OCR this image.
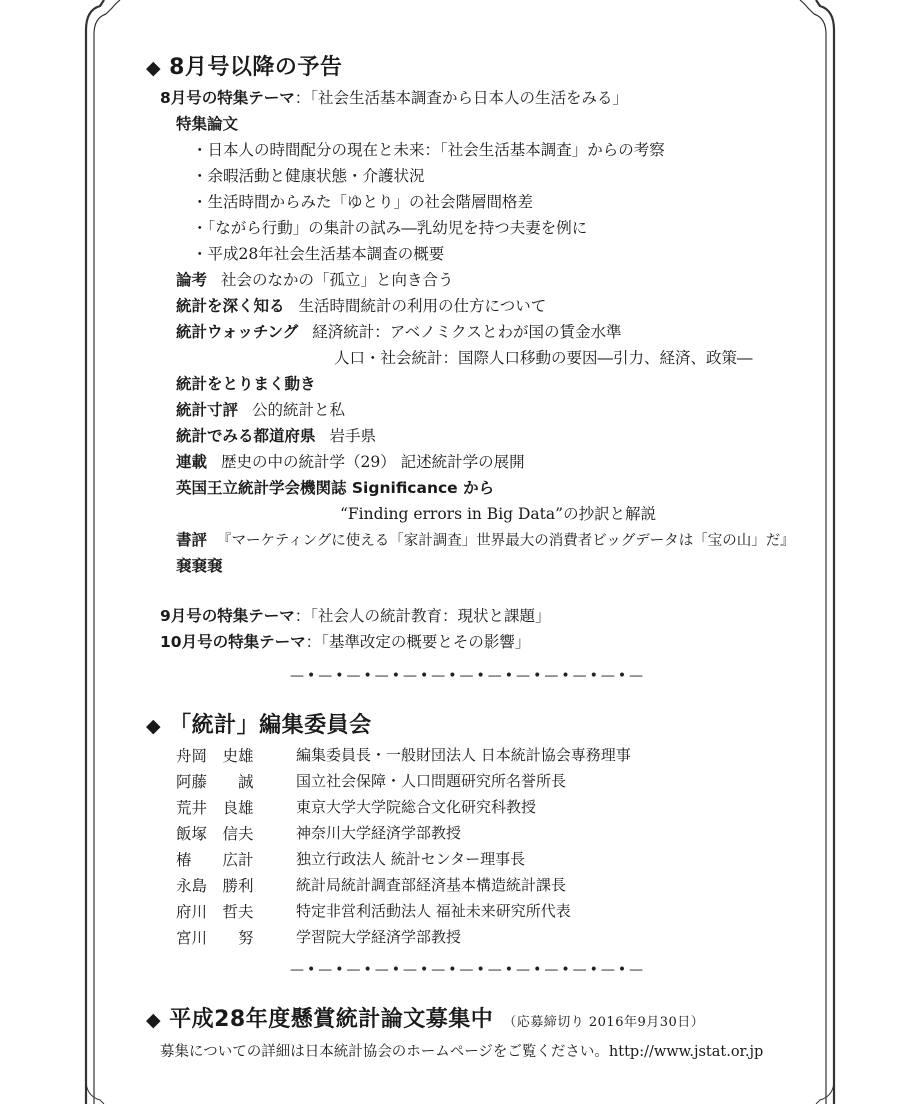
◆ 8月号以降の予告
8月号の特集テーマ：「社会生活基本調査から日本人の生活をみる」
特集論文
・日本人の時間配分の現在と未来：「社会生活基本調査」からの考察
・余暇活動と健康状態・介護状況
・生活時間からみた「ゆとり」の社会階層間格差
・「ながら行動」の集計の試み―乳幼児を持つ夫妻を例に
・平成28年社会生活基本調査の概要
論考 社会のなかの「孤立」と向き合う
統計を深く知る 生活時間統計の利用の仕方について
統計ウォッチング 経済統計：アベノミクスとわが国の賃金水準
人口・社会統計：国際人口移動の要因―引力、経済、政策―
統計をとりまく動き
統計寸評 公的統計と私
統計でみる都道府県 岩手県
連載 歴史の中の統計学（29） 記述統計学の展開
英国王立統計学会機関誌 Significance から
“Finding errors in Big Data”の抄訳と解説
書評 『マーケティングに使える「家計調査」世界最大の消費者ビッグデータは「宝の山」だ』
㐮㐮㐮
9月号の特集テーマ：「社会人の統計教育：現状と課題」
10月号の特集テーマ：「基準改定の概要とその影響」
—•—•—•—•—•—•—•—•—•—•—•—•—
◆ 「統計」編集委員会
舟岡　史雄	編集委員長・一般財団法人 日本統計協会専務理事
阿藤　　誠	国立社会保障・人口問題研究所名誉所長
荒井　良雄	東京大学大学院総合文化研究科教授
飯塚　信夫	神奈川大学経済学部教授
椿　　広計	独立行政法人 統計センター理事長
永島　勝利	統計局統計調査部経済基本構造統計課長
府川　哲夫	特定非営利活動法人 福祉未来研究所代表
宮川　　努	学習院大学経済学部教授
—•—•—•—•—•—•—•—•—•—•—•—•—
◆ 平成28年度懸賞統計論文募集中 （応募締切り 2016年9月30日）
募集についての詳細は日本統計協会のホームページをご覧ください。http://www.jstat.or.jp
